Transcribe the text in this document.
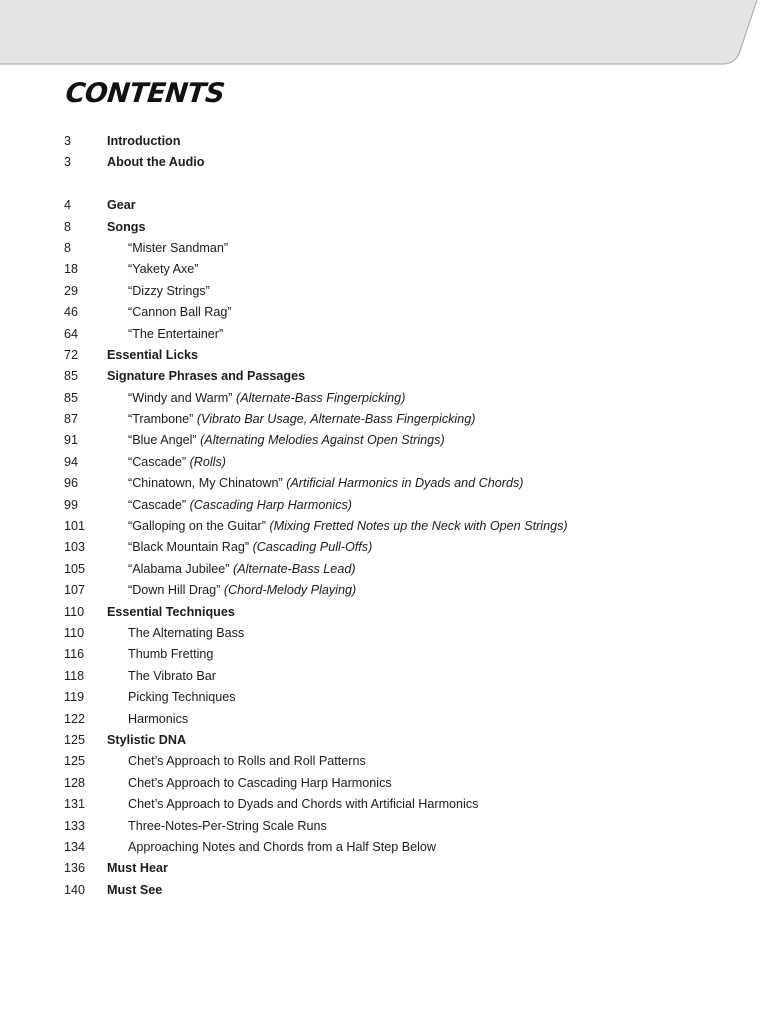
CONTENTS
3	Introduction
3	About the Audio
4	Gear
8	Songs
8	“Mister Sandman”
18	“Yakety Axe”
29	“Dizzy Strings”
46	“Cannon Ball Rag”
64	“The Entertainer”
72 Essential Licks
85 Signature Phrases and Passages
85	“Windy and Warm” (Alternate-Bass Fingerpicking)
87	“Trambone” (Vibrato Bar Usage, Alternate-Bass Fingerpicking)
91	“Blue Angel” (Alternating Melodies Against Open Strings)
94	“Cascade” (Rolls)
96	“Chinatown, My Chinatown” (Artificial Harmonics in Dyads and Chords)
99	“Cascade” (Cascading Harp Harmonics)
101	“Galloping on the Guitar” (Mixing Fretted Notes up the Neck with Open Strings)
103	“Black Mountain Rag” (Cascading Pull-Offs)
105	“Alabama Jubilee” (Alternate-Bass Lead)
107	“Down Hill Drag” (Chord-Melody Playing)
110 Essential Techniques
110	The Alternating Bass
116	Thumb Fretting
118	The Vibrato Bar
119	Picking Techniques
122	Harmonics
125 Stylistic DNA
125	Chet’s Approach to Rolls and Roll Patterns
128	Chet’s Approach to Cascading Harp Harmonics
131	Chet’s Approach to Dyads and Chords with Artificial Harmonics
133	Three-Notes-Per-String Scale Runs
134	Approaching Notes and Chords from a Half Step Below
136 Must Hear
140 Must See
